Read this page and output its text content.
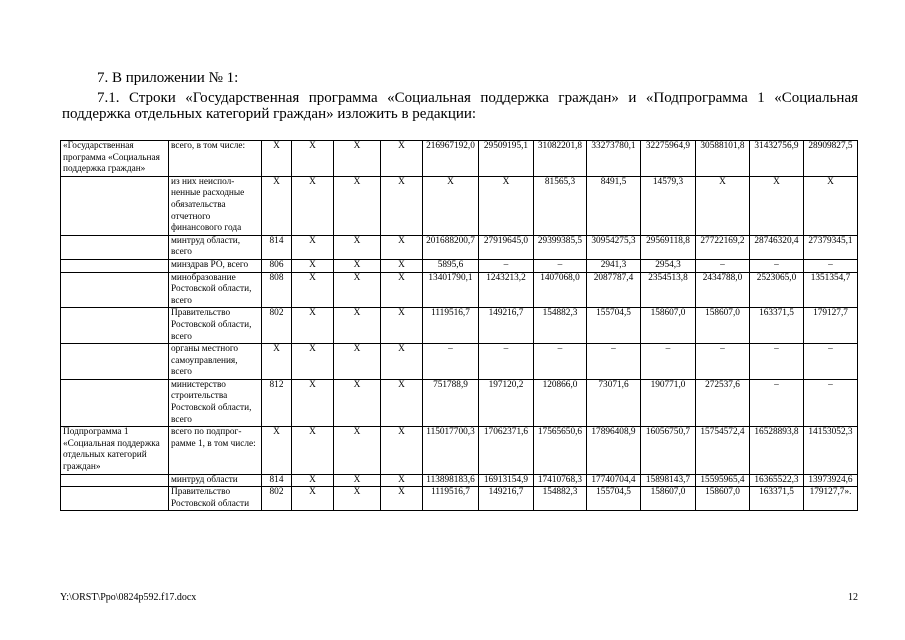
7. В приложении № 1:
7.1. Строки «Государственная программа «Социальная поддержка граждан» и «Подпрограмма 1 «Социальная поддержка отдельных категорий граждан» изложить в редакции:
«Государственная программа «Социальная поддержка граждан»	всего, в том числе:	X	X	X	X	216967192,0	29509195,1	31082201,8	33273780,1	32275964,9	30588101,8	31432756,9	28909827,5
	из них неиспол-ненные расходные обязательства отчетного финансового года	X	X	X	X	X	X	81565,3	8491,5	14579,3	X	X	X
	минтруд области, всего	814	X	X	X	201688200,7	27919645,0	29399385,5	30954275,3	29569118,8	27722169,2	28746320,4	27379345,1
	минздрав РО, всего	806	X	X	X	5895,6	–	–	2941,3	2954,3	–	–	–
	минобразование Ростовской области, всего	808	X	X	X	13401790,1	1243213,2	1407068,0	2087787,4	2354513,8	2434788,0	2523065,0	1351354,7
	Правительство Ростовской области, всего	802	X	X	X	1119516,7	149216,7	154882,3	155704,5	158607,0	158607,0	163371,5	179127,7
	органы местного самоуправления, всего	X	X	X	X	–	–	–	–	–	–	–	–
	министерство строительства Ростовской области, всего	812	X	X	X	751788,9	197120,2	120866,0	73071,6	190771,0	272537,6	–	–
Подпрограмма 1 «Социальная поддержка отдельных категорий граждан»	всего по подпрог-рамме 1, в том числе:	X	X	X	X	115017700,3	17062371,6	17565650,6	17896408,9	16056750,7	15754572,4	16528893,8	14153052,3
	минтруд области	814	X	X	X	113898183,6	16913154,9	17410768,3	17740704,4	15898143,7	15595965,4	16365522,3	13973924,6
	Правительство Ростовской области	802	X	X	X	1119516,7	149216,7	154882,3	155704,5	158607,0	158607,0	163371,5	179127,7».
Y:\ORST\Ppo\0824p592.f17.docx	12
